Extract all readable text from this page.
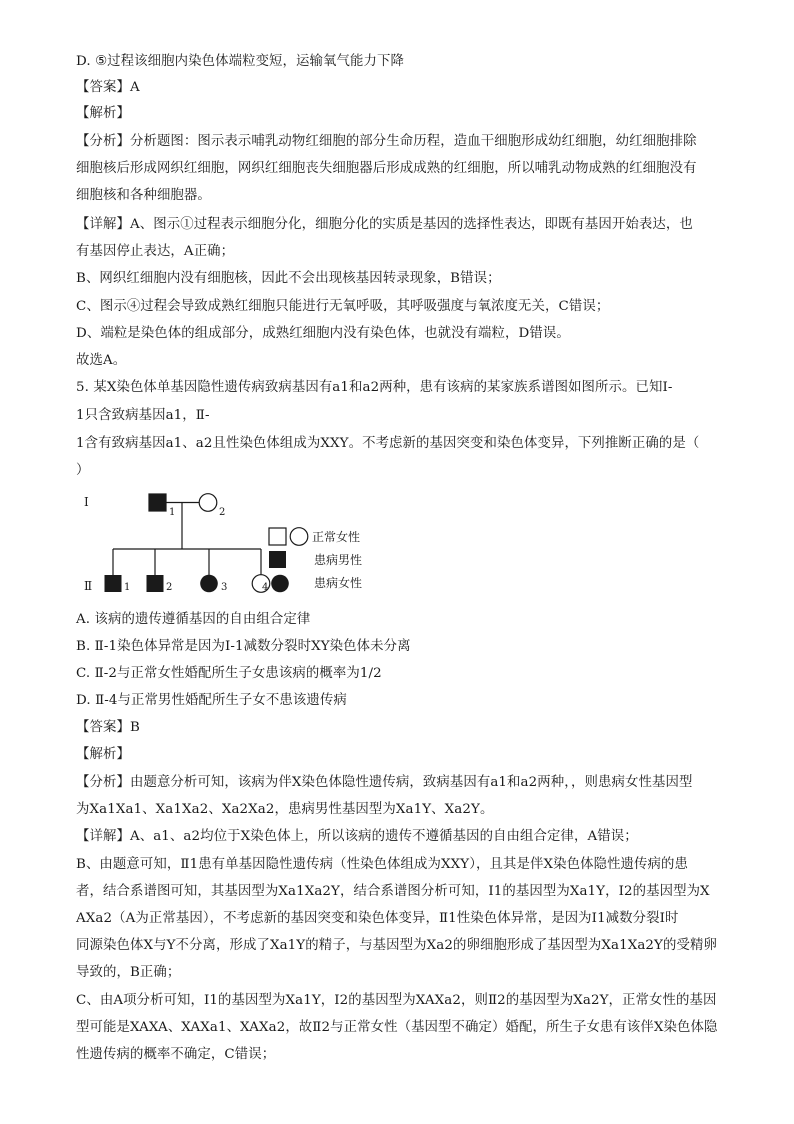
D. ⑤过程该细胞内染色体端粒变短，运输氧气能力下降
【答案】A
【解析】
【分析】分析题图：图示表示哺乳动物红细胞的部分生命历程，造血干细胞形成幼红细胞，幼红细胞排除
细胞核后形成网织红细胞，网织红细胞丧失细胞器后形成成熟的红细胞，所以哺乳动物成熟的红细胞没有
细胞核和各种细胞器。
【详解】A、图示①过程表示细胞分化，细胞分化的实质是基因的选择性表达，即既有基因开始表达，也
有基因停止表达，A正确；
B、网织红细胞内没有细胞核，因此不会出现核基因转录现象，B错误；
C、图示④过程会导致成熟红细胞只能进行无氧呼吸，其呼吸强度与氧浓度无关，C错误；
D、端粒是染色体的组成部分，成熟红细胞内没有染色体，也就没有端粒，D错误。
故选A。
5. 某X染色体单基因隐性遗传病致病基因有a1和a2两种，患有该病的某家族系谱图如图所示。已知Ⅰ-
1只含致病基因a1，Ⅱ-
1含有致病基因a1、a2且性染色体组成为XXY。不考虑新的基因突变和染色体变异，下列推断正确的是（
）
Ⅰ
Ⅱ
1	2
1	2	3	4
正常女性
患病男性
患病女性
A. 该病的遗传遵循基因的自由组合定律
B. Ⅱ-1染色体异常是因为Ⅰ-1减数分裂时XY染色体未分离
C. Ⅱ-2与正常女性婚配所生子女患该病的概率为1/2
D. Ⅱ-4与正常男性婚配所生子女不患该遗传病
【答案】B
【解析】
【分析】由题意分析可知，该病为伴X染色体隐性遗传病，致病基因有a1和a2两种，，则患病女性基因型
为Xa1Xa1、Xa1Xa2、Xa2Xa2，患病男性基因型为Xa1Y、Xa2Y。
【详解】A、a1、a2均位于X染色体上，所以该病的遗传不遵循基因的自由组合定律，A错误；
B、由题意可知，Ⅱ1患有单基因隐性遗传病（性染色体组成为XXY），且其是伴X染色体隐性遗传病的患
者，结合系谱图可知，其基因型为Xa1Xa2Y，结合系谱图分析可知，Ⅰ1的基因型为Xa1Y，Ⅰ2的基因型为X
AXa2（A为正常基因），不考虑新的基因突变和染色体变异，Ⅱ1性染色体异常，是因为Ⅰ1减数分裂Ⅰ时
同源染色体X与Y不分离，形成了Xa1Y的精子，与基因型为Xa2的卵细胞形成了基因型为Xa1Xa2Y的受精卵
导致的，B正确；
C、由A项分析可知，Ⅰ1的基因型为Xa1Y，Ⅰ2的基因型为XAXa2，则Ⅱ2的基因型为Xa2Y，正常女性的基因
型可能是XAXA、XAXa1、XAXa2，故Ⅱ2与正常女性（基因型不确定）婚配，所生子女患有该伴X染色体隐
性遗传病的概率不确定，C错误；
